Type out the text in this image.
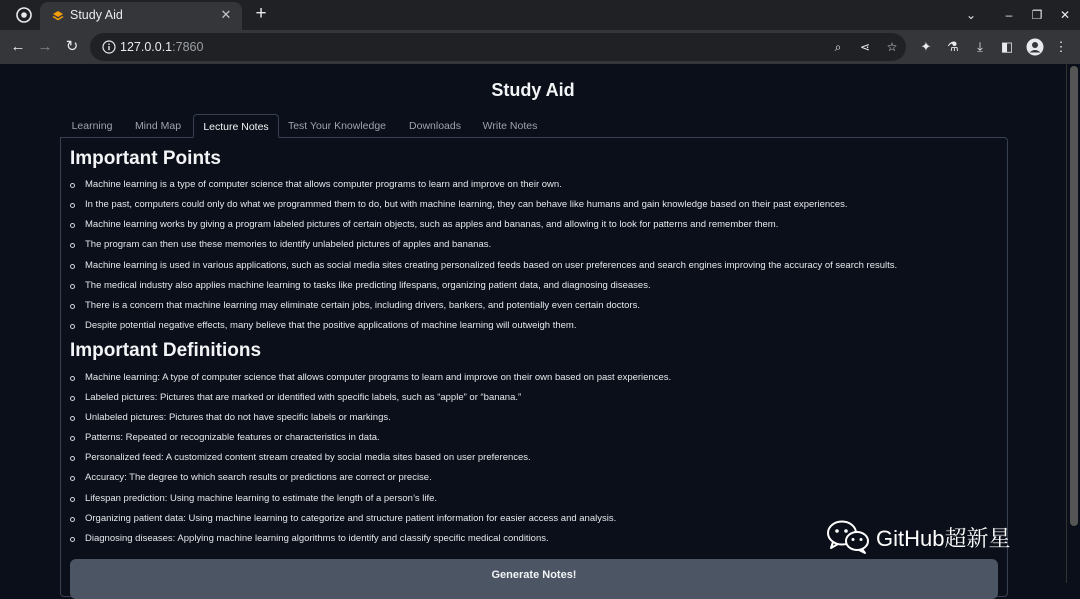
Study Aid	✕ +	⌄	–	❐	✕
← → ↻	127.0.0.1:7860	⌕	⋖ ☆ ✦ ⚗	⤓	◧	⋮
Study Aid
Learning	Mind Map	Lecture Notes	Test Your Knowledge	Downloads	Write Notes
Important Points
Machine learning is a type of computer science that allows computer programs to learn and improve on their own.
In the past, computers could only do what we programmed them to do, but with machine learning, they can behave like humans and gain knowledge based on their past experiences.
Machine learning works by giving a program labeled pictures of certain objects, such as apples and bananas, and allowing it to look for patterns and remember them.
The program can then use these memories to identify unlabeled pictures of apples and bananas.
Machine learning is used in various applications, such as social media sites creating personalized feeds based on user preferences and search engines improving the accuracy of search results.
The medical industry also applies machine learning to tasks like predicting lifespans, organizing patient data, and diagnosing diseases.
There is a concern that machine learning may eliminate certain jobs, including drivers, bankers, and potentially even certain doctors.
Despite potential negative effects, many believe that the positive applications of machine learning will outweigh them.
Important Definitions
Machine learning: A type of computer science that allows computer programs to learn and improve on their own based on past experiences.
Labeled pictures: Pictures that are marked or identified with specific labels, such as “apple” or “banana.”
Unlabeled pictures: Pictures that do not have specific labels or markings.
Patterns: Repeated or recognizable features or characteristics in data.
Personalized feed: A customized content stream created by social media sites based on user preferences.
Accuracy: The degree to which search results or predictions are correct or precise.
Lifespan prediction: Using machine learning to estimate the length of a person’s life.
Organizing patient data: Using machine learning to categorize and structure patient information for easier access and analysis.
Diagnosing diseases: Applying machine learning algorithms to identify and classify specific medical conditions.
Generate Notes!
GitHub超新星
